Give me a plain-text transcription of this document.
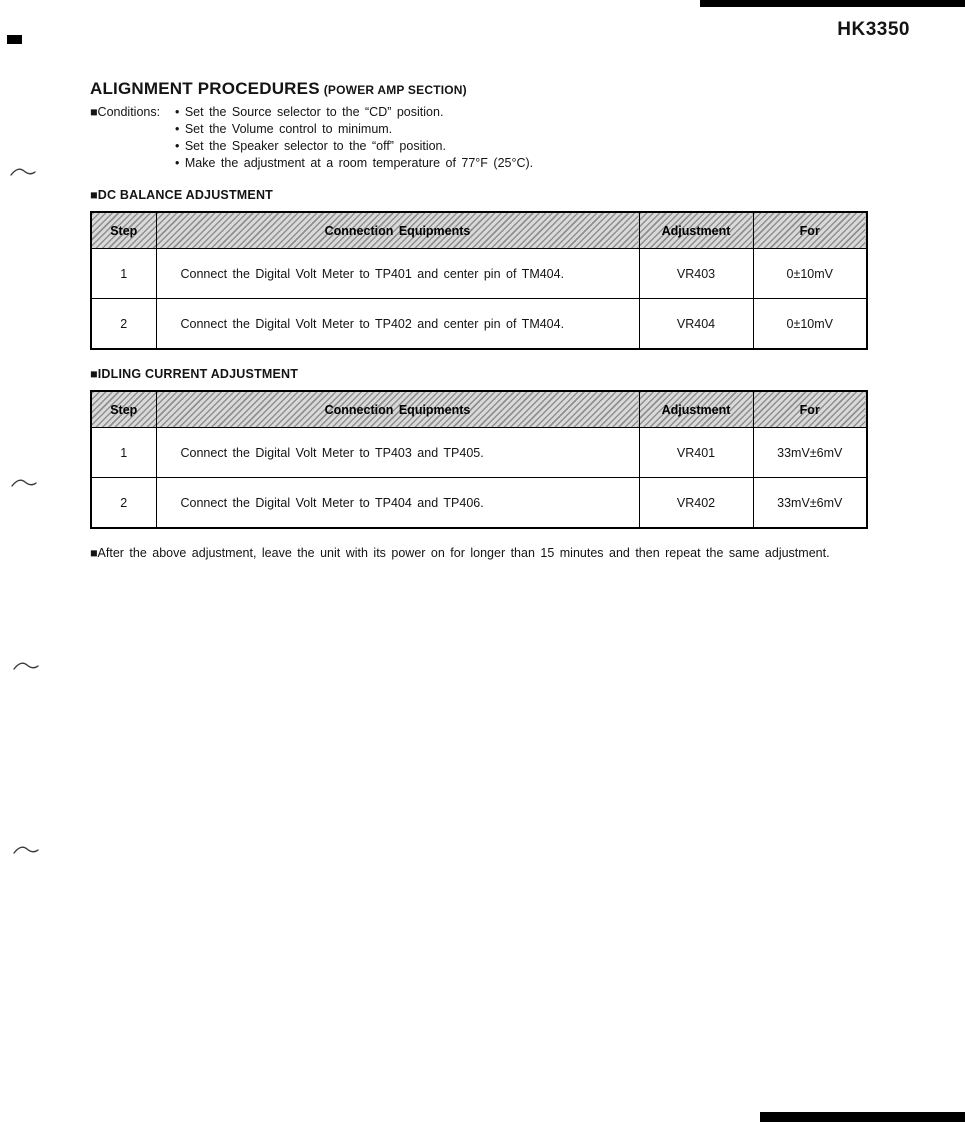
HK3350
ALIGNMENT PROCEDURES (POWER AMP SECTION)
■Conditions: • Set the Source selector to the “CD” position.
• Set the Volume control to minimum.
• Set the Speaker selector to the “off” position.
• Make the adjustment at a room temperature of 77°F (25°C).
■DC BALANCE ADJUSTMENT
Step	Connection Equipments	Adjustment	For
1	Connect the Digital Volt Meter to TP401 and center pin of TM404.	VR403	0±10mV
2	Connect the Digital Volt Meter to TP402 and center pin of TM404.	VR404	0±10mV
■IDLING CURRENT ADJUSTMENT
Step	Connection Equipments	Adjustment	For
1	Connect the Digital Volt Meter to TP403 and TP405.	VR401	33mV±6mV
2	Connect the Digital Volt Meter to TP404 and TP406.	VR402	33mV±6mV

■After the above adjustment, leave the unit with its power on for longer than 15 minutes and then repeat the same adjustment.
